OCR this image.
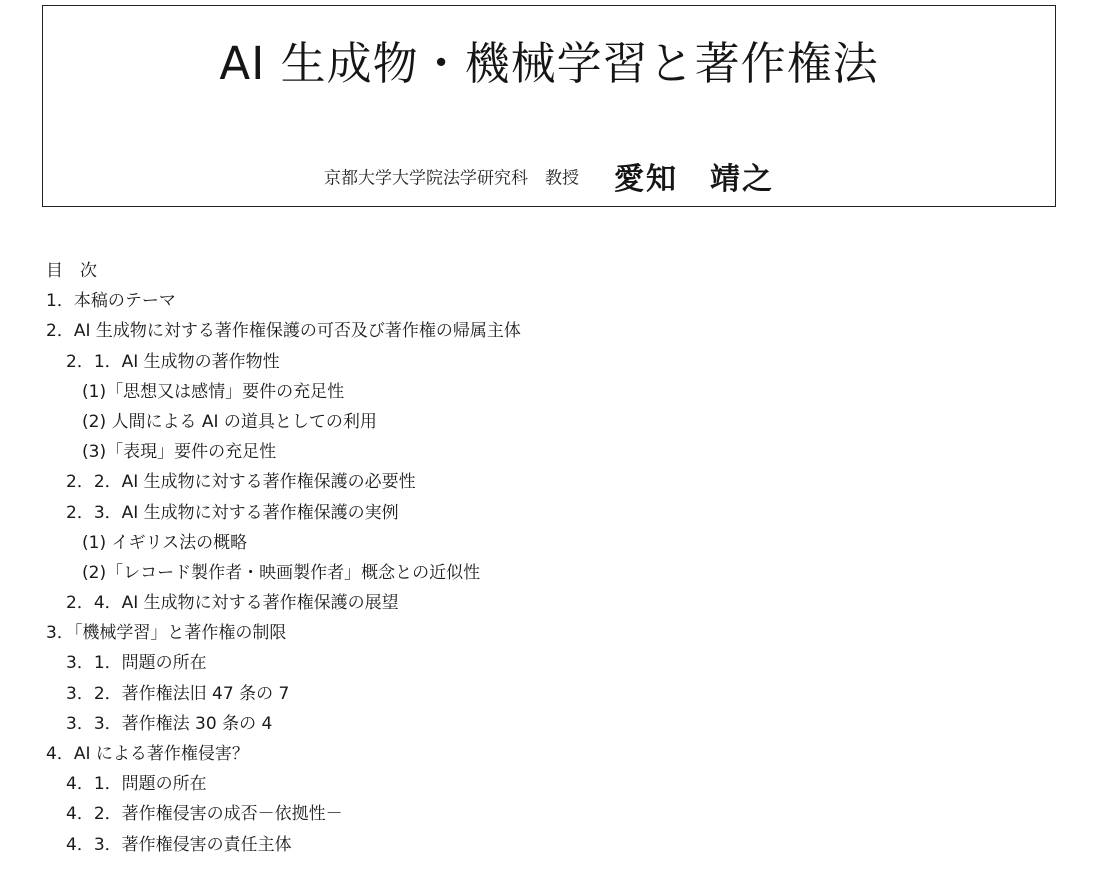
AI 生成物・機械学習と著作権法
京都大学大学院法学研究科　教授 愛知　靖之
目　次
1．本稿のテーマ
2．AI 生成物に対する著作権保護の可否及び著作権の帰属主体
2．1．AI 生成物の著作物性
(1)「思想又は感情」要件の充足性
(2) 人間による AI の道具としての利用
(3)「表現」要件の充足性
2．2．AI 生成物に対する著作権保護の必要性
2．3．AI 生成物に対する著作権保護の実例
(1) イギリス法の概略
(2)「レコード製作者・映画製作者」概念との近似性
2．4．AI 生成物に対する著作権保護の展望
3．「機械学習」と著作権の制限
3．1．問題の所在
3．2．著作権法旧 47 条の 7
3．3．著作権法 30 条の 4
4．AI による著作権侵害？
4．1．問題の所在
4．2．著作権侵害の成否－依拠性－
4．3．著作権侵害の責任主体
